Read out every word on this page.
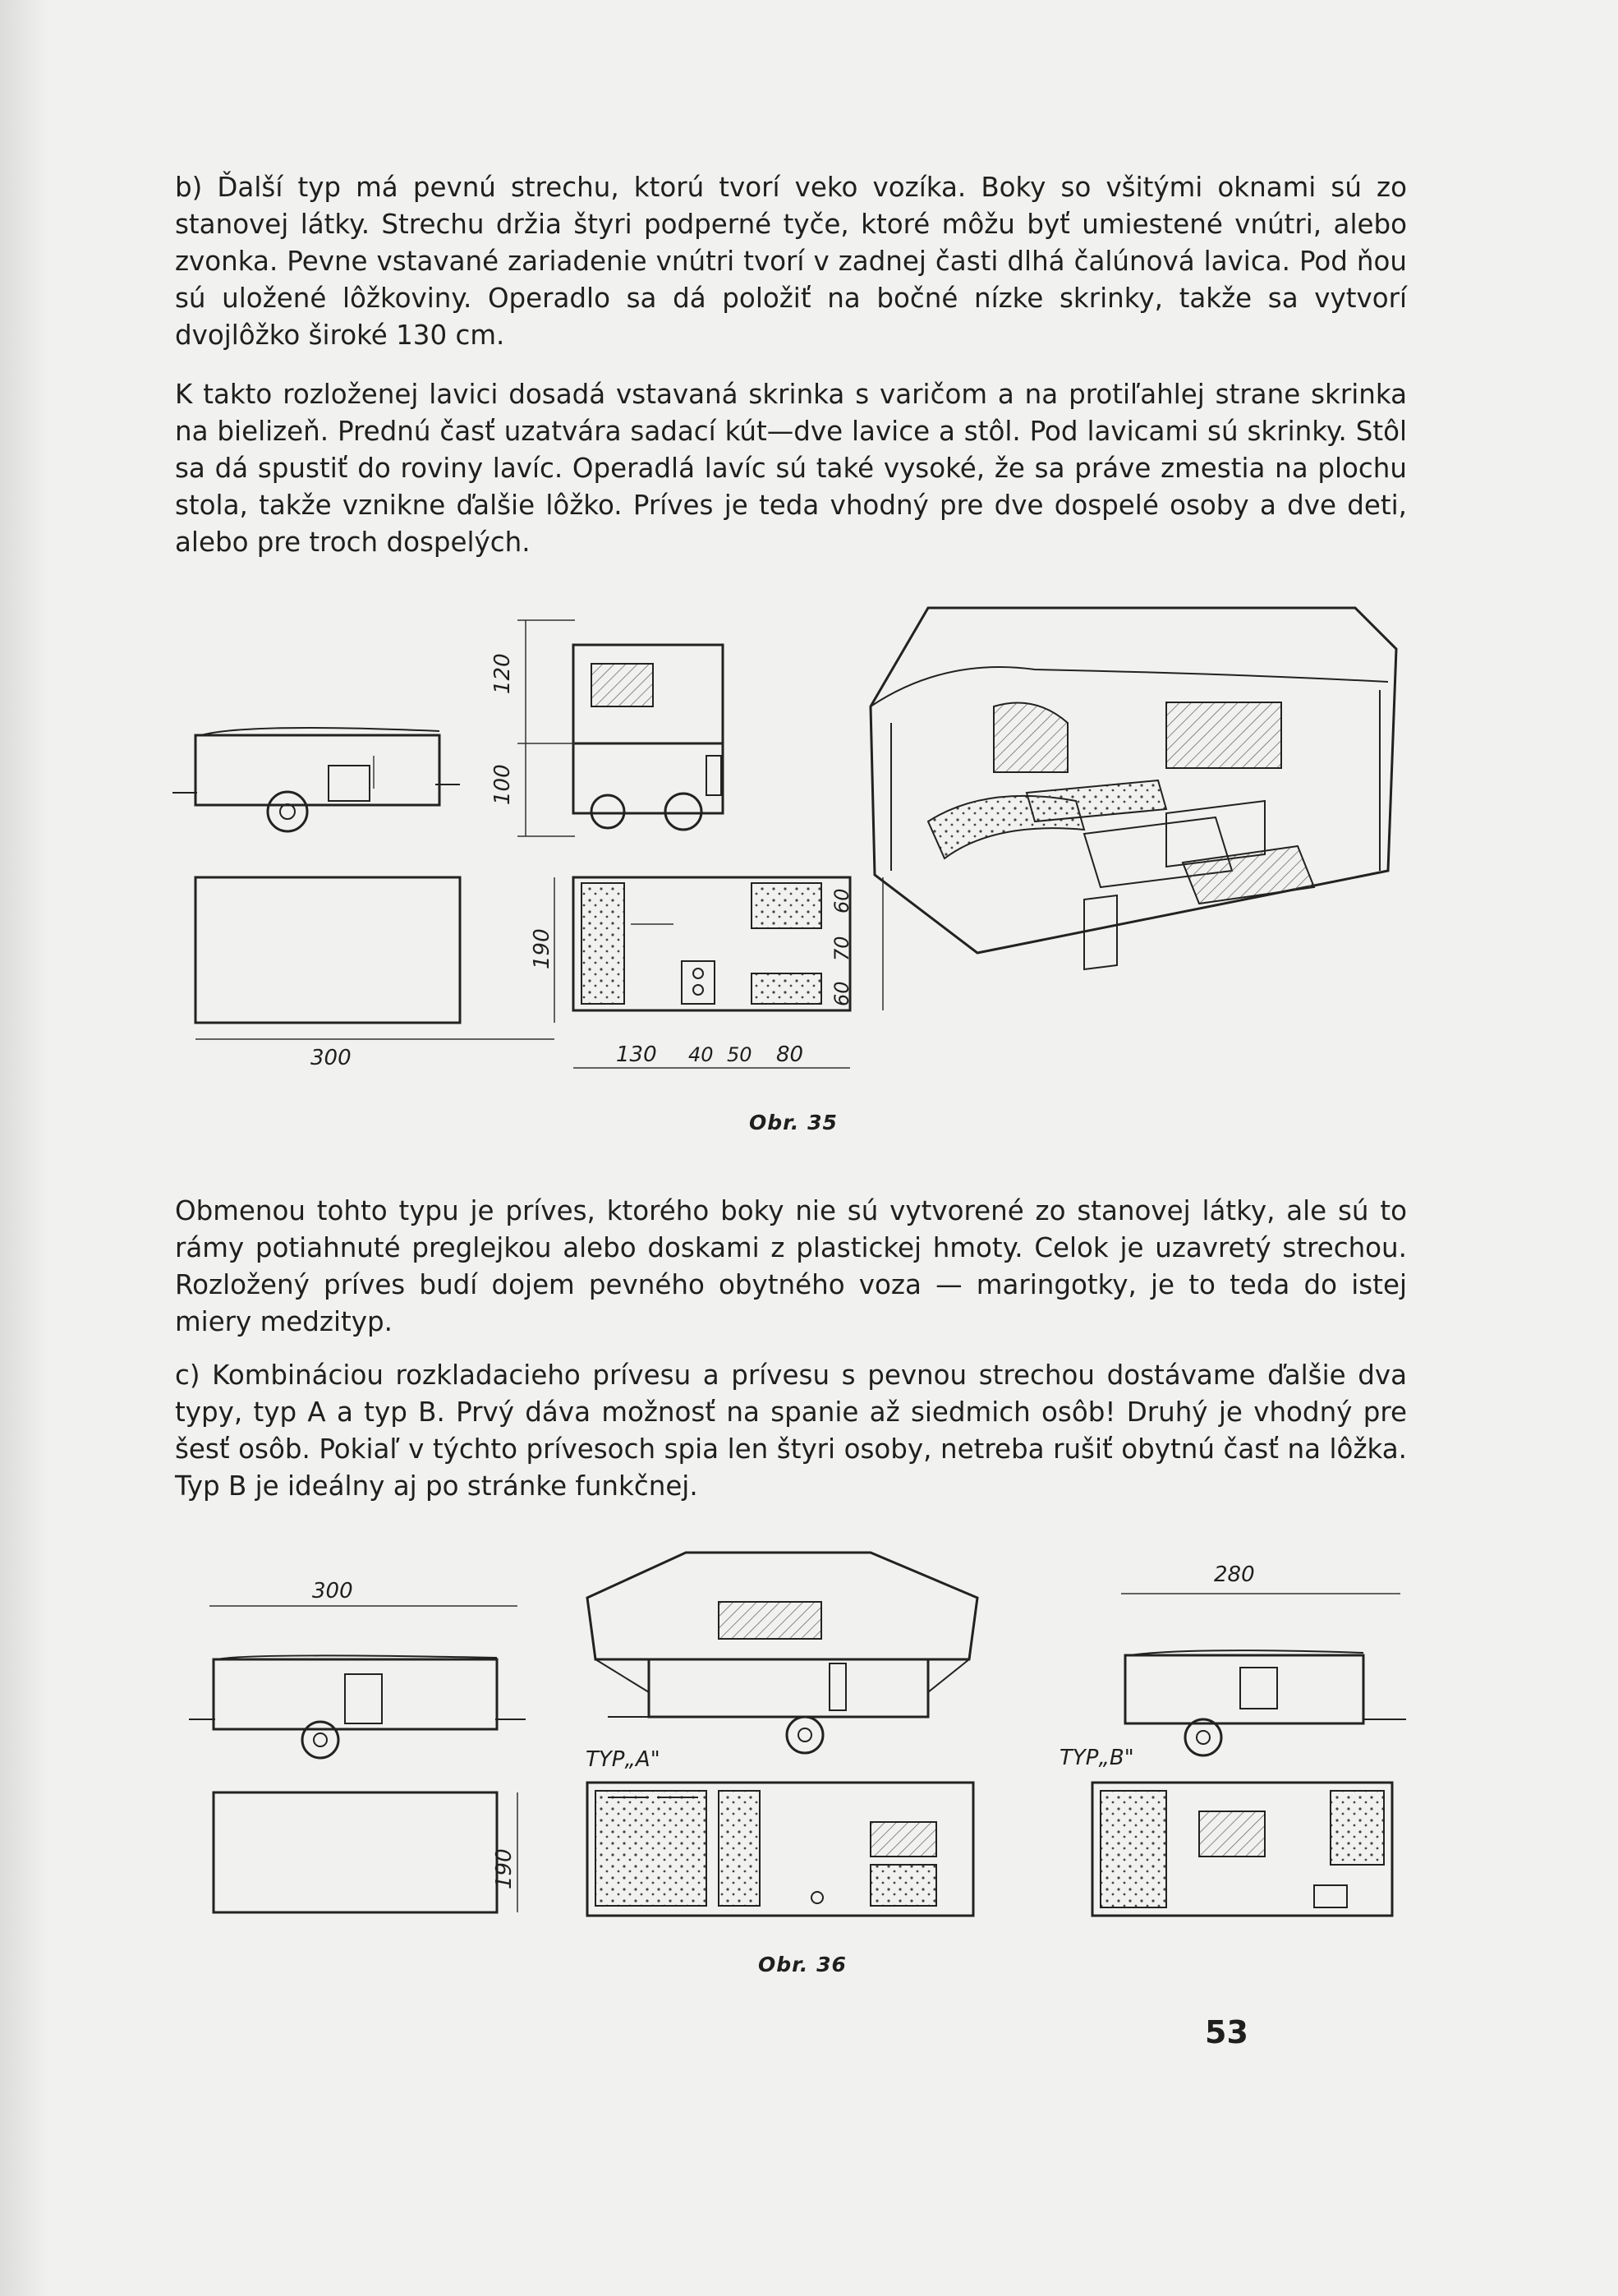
b) Ďalší typ má pevnú strechu, ktorú tvorí veko vozíka. Boky so všitými oknami sú zo stanovej látky. Strechu držia štyri podperné tyče, ktoré môžu byť umiestené vnútri, alebo zvonka. Pevne vstavané zariadenie vnútri tvorí v zadnej časti dlhá čalúnová lavica. Pod ňou sú uložené lôžkoviny. Operadlo sa dá položiť na bočné nízke skrinky, takže sa vytvorí dvojlôžko široké 130 cm.

K takto rozloženej lavici dosadá vstavaná skrinka s varičom a na protiľahlej strane skrinka na bielizeň. Prednú časť uzatvára sadací kút—dve lavice a stôl. Pod lavicami sú skrinky. Stôl sa dá spustiť do roviny lavíc. Operadlá lavíc sú také vysoké, že sa práve zmestia na plochu stola, takže vznikne ďalšie lôžko. Príves je teda vhodný pre dve dospelé osoby a dve deti, alebo pre troch dospelých.

120
100
300
190
130 40 50 80
60
70
60
Obr. 35

Obmenou tohto typu je príves, ktorého boky nie sú vytvorené zo stanovej látky, ale sú to rámy potiahnuté preglejkou alebo doskami z plastickej hmoty. Celok je uzavretý strechou. Rozložený príves budí dojem pevného obytného voza — maringotky, je to teda do istej miery medzityp.

c) Kombináciou rozkladacieho prívesu a prívesu s pevnou strechou dostávame ďalšie dva typy, typ A a typ B. Prvý dáva možnosť na spanie až siedmich osôb! Druhý je vhodný pre šesť osôb. Pokiaľ v týchto prívesoch spia len štyri osoby, netreba rušiť obytnú časť na lôžka. Typ B je ideálny aj po stránke funkčnej.

300
190
TYP„A"
280
TYP„B"
Obr. 36
53
